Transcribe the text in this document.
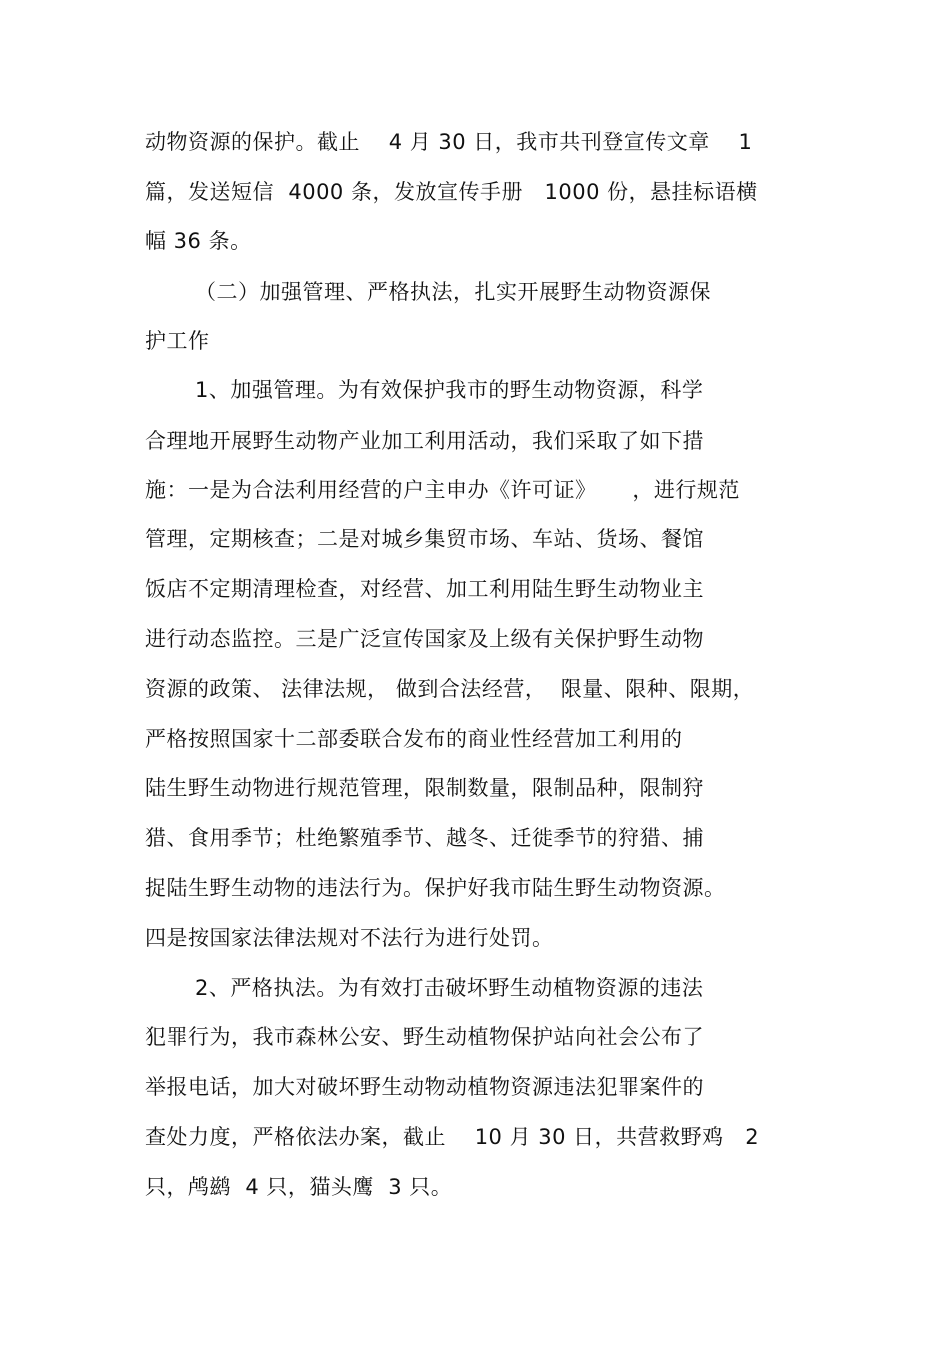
动物资源的保护。截止    4 月 30 日，我市共刊登宣传文章    1
篇，发送短信  4000 条，发放宣传手册   1000 份，悬挂标语横
幅 36 条。
（二）加强管理、严格执法，扎实开展野生动物资源保
护工作
1、加强管理。为有效保护我市的野生动物资源，科学
合理地开展野生动物产业加工利用活动，我们采取了如下措
施：一是为合法利用经营的户主申办《许可证》     ，进行规范
管理，定期核查；二是对城乡集贸市场、车站、货场、餐馆
饭店不定期清理检查，对经营、加工利用陆生野生动物业主
进行动态监控。三是广泛宣传国家及上级有关保护野生动物
资源的政策、 法律法规， 做到合法经营，  限量、限种、限期，
严格按照国家十二部委联合发布的商业性经营加工利用的
陆生野生动物进行规范管理，限制数量，限制品种，限制狩
猎、食用季节；杜绝繁殖季节、越冬、迁徙季节的狩猎、捕
捉陆生野生动物的违法行为。保护好我市陆生野生动物资源。
四是按国家法律法规对不法行为进行处罚。
2、严格执法。为有效打击破坏野生动植物资源的违法
犯罪行为，我市森林公安、野生动植物保护站向社会公布了
举报电话，加大对破坏野生动物动植物资源违法犯罪案件的
查处力度，严格依法办案，截止    10 月 30 日，共营救野鸡   2
只，鸬鹚  4 只，猫头鹰  3 只。
